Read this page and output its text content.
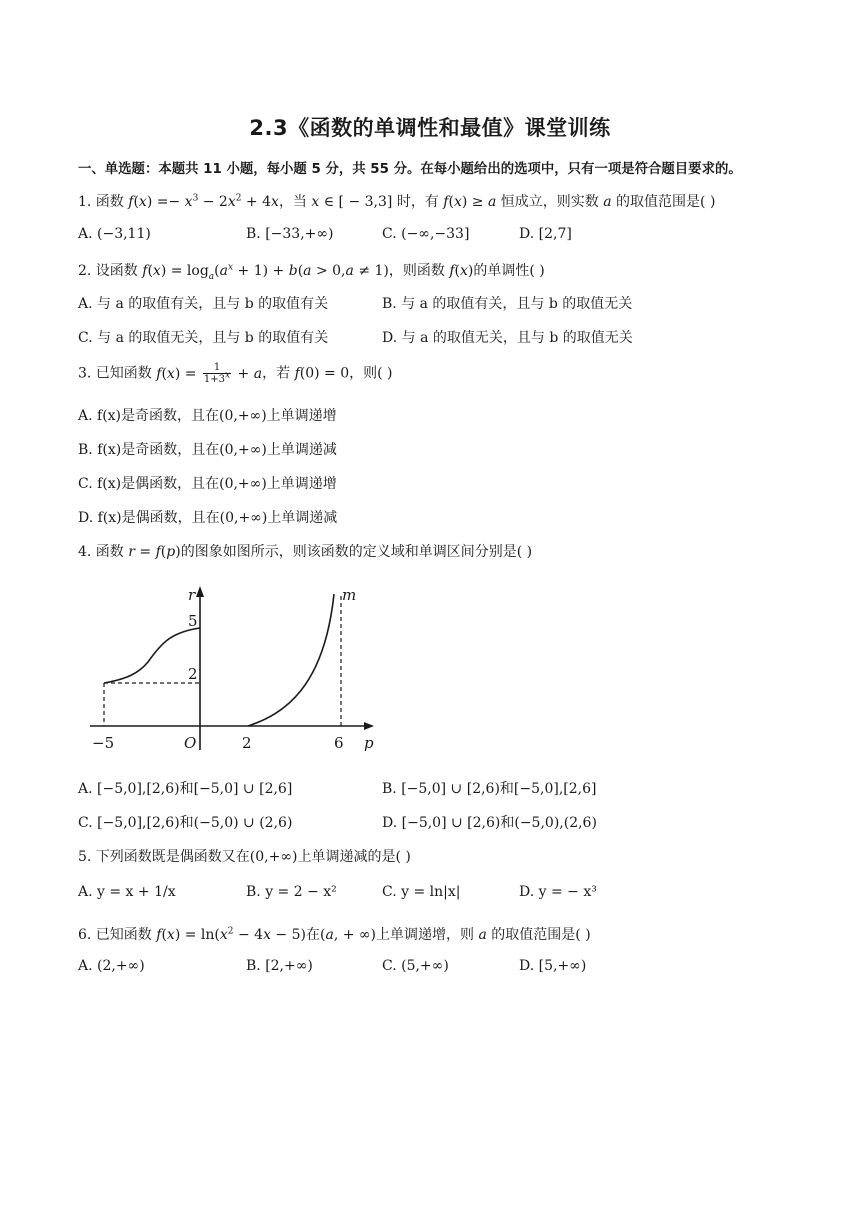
2.3《函数的单调性和最值》课堂训练
一、单选题：本题共 11 小题，每小题 5 分，共 55 分。在每小题给出的选项中，只有一项是符合题目要求的。
1. 函数 $f(x) =- x^3 - 2x^2 + 4x$，当 x ∈ [ − 3,3] 时，有 f(x) ≥ a 恒成立，则实数 a 的取值范围是( )
A. (−3,11)	B. [−33,+∞)	C. (−∞,−33]	D. [2,7]
2. 设函数 $f(x) = \log_a(a^x + 1) + b(a > 0,a \ne 1)$，则函数 f(x)的单调性( )
A. 与 a 的取值有关，且与 b 的取值有关	B. 与 a 的取值有关，且与 b 的取值无关
C. 与 a 的取值无关，且与 b 的取值有关	D. 与 a 的取值无关，且与 b 的取值无关
3. 已知函数 $f(x) = \frac{1}{1+3^x} + a$，若 f(0) = 0，则( )
A. f(x)是奇函数，且在(0,+∞)上单调递增
B. f(x)是奇函数，且在(0,+∞)上单调递减
C. f(x)是偶函数，且在(0,+∞)上单调递增
D. f(x)是偶函数，且在(0,+∞)上单调递减
4. 函数 r = f(p)的图象如图所示，则该函数的定义域和单调区间分别是( )
r
5
2
m
−5	O	2	6 p
A. [−5,0],[2,6)和[−5,0] ∪ [2,6]	B. [−5,0] ∪ [2,6)和[−5,0],[2,6]
C. [−5,0],[2,6)和(−5,0) ∪ (2,6)	D. [−5,0] ∪ [2,6)和(−5,0),(2,6)
5. 下列函数既是偶函数又在(0,+∞)上单调递减的是( )
A. y = x + 1/x	B. y = 2 − x²	C. y = ln|x|	D. y = − x³
6. 已知函数 $f(x) = \ln(x^2 - 4x - 5)$在(a, + ∞)上单调递增，则 a 的取值范围是( )
A. (2,+∞)	B. [2,+∞)	C. (5,+∞)	D. [5,+∞)
